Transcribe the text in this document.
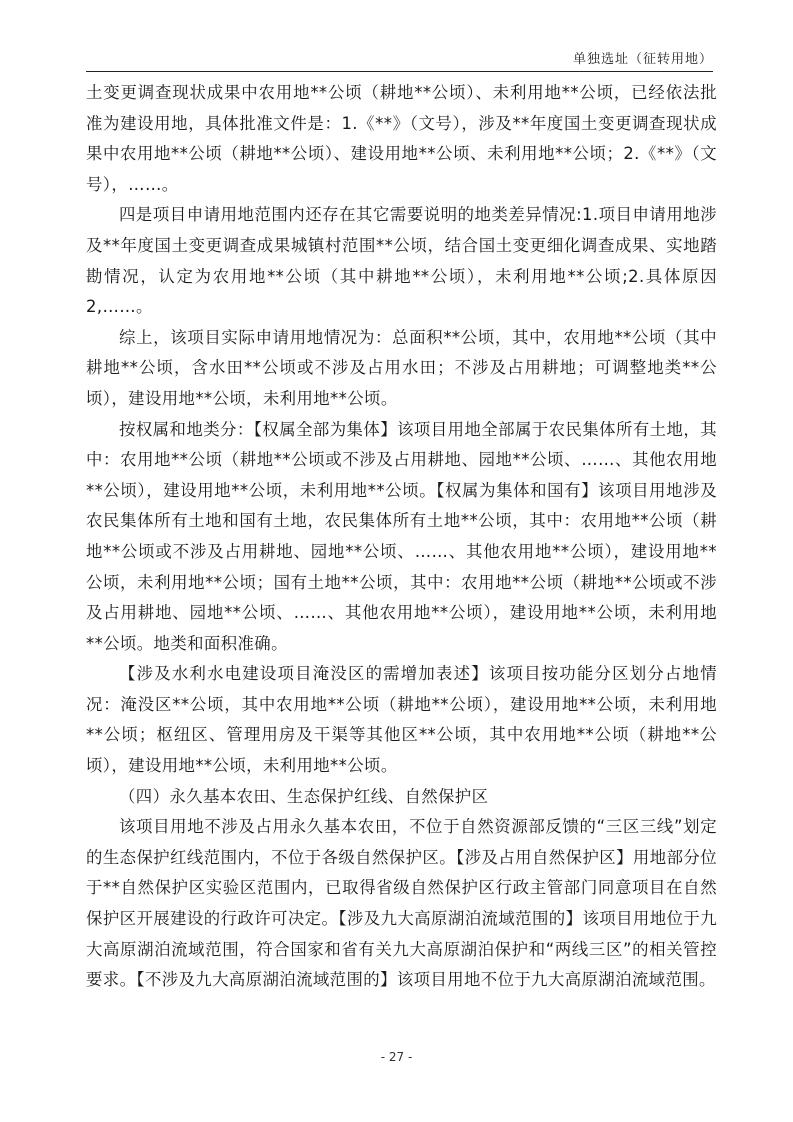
单独选址（征转用地）

土变更调查现状成果中农用地**公顷（耕地**公顷）、未利用地**公顷，已经依法批准为建设用地，具体批准文件是：1.《**》（文号），涉及**年度国土变更调查现状成果中农用地**公顷（耕地**公顷）、建设用地**公顷、未利用地**公顷；2.《**》（文号），……。

四是项目申请用地范围内还存在其它需要说明的地类差异情况:1.项目申请用地涉及**年度国土变更调查成果城镇村范围**公顷，结合国土变更细化调查成果、实地踏勘情况，认定为农用地**公顷（其中耕地**公顷），未利用地**公顷;2.具体原因2,……。

综上，该项目实际申请用地情况为：总面积**公顷，其中，农用地**公顷（其中耕地**公顷，含水田**公顷或不涉及占用水田；不涉及占用耕地；可调整地类**公顷），建设用地**公顷，未利用地**公顷。

按权属和地类分：【权属全部为集体】该项目用地全部属于农民集体所有土地，其中：农用地**公顷（耕地**公顷或不涉及占用耕地、园地**公顷、……、其他农用地**公顷），建设用地**公顷，未利用地**公顷。【权属为集体和国有】该项目用地涉及农民集体所有土地和国有土地，农民集体所有土地**公顷，其中：农用地**公顷（耕地**公顷或不涉及占用耕地、园地**公顷、……、其他农用地**公顷），建设用地**公顷，未利用地**公顷；国有土地**公顷，其中：农用地**公顷（耕地**公顷或不涉及占用耕地、园地**公顷、……、其他农用地**公顷），建设用地**公顷，未利用地**公顷。地类和面积准确。

【涉及水利水电建设项目淹没区的需增加表述】该项目按功能分区划分占地情况：淹没区**公顷，其中农用地**公顷（耕地**公顷），建设用地**公顷，未利用地**公顷；枢纽区、管理用房及干渠等其他区**公顷，其中农用地**公顷（耕地**公顷），建设用地**公顷，未利用地**公顷。

（四）永久基本农田、生态保护红线、自然保护区

该项目用地不涉及占用永久基本农田，不位于自然资源部反馈的“三区三线”划定的生态保护红线范围内，不位于各级自然保护区。【涉及占用自然保护区】用地部分位于**自然保护区实验区范围内，已取得省级自然保护区行政主管部门同意项目在自然保护区开展建设的行政许可决定。【涉及九大高原湖泊流域范围的】该项目用地位于九大高原湖泊流域范围，符合国家和省有关九大高原湖泊保护和“两线三区”的相关管控要求。【不涉及九大高原湖泊流域范围的】该项目用地不位于九大高原湖泊流域范围。

- 27 -
